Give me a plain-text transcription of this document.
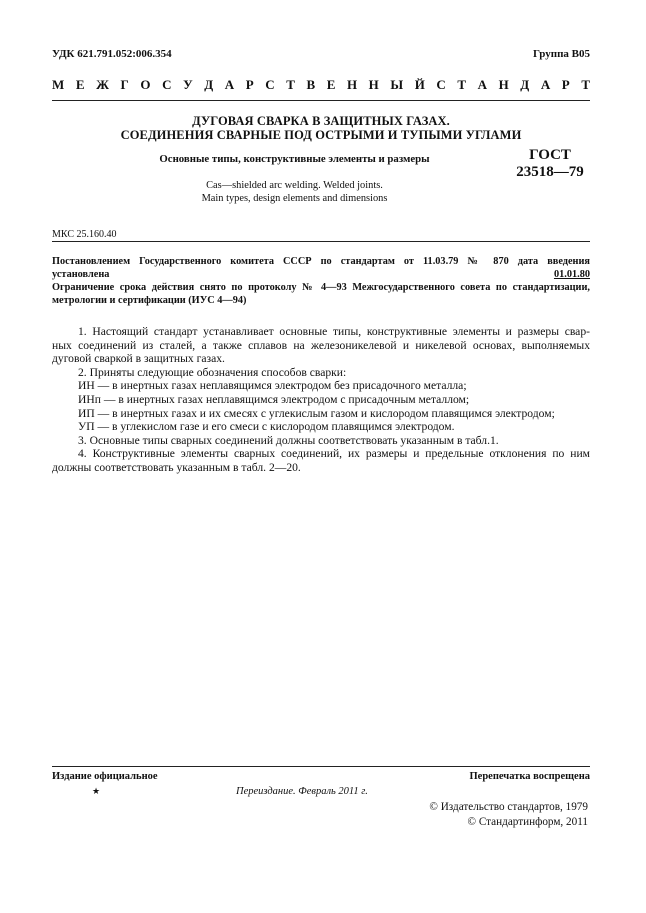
УДК 621.791.052:006.354	Группа В05
М Е Ж Г О С У Д А Р С Т В Е Н Н Ы Й С Т А Н Д А Р Т
ДУГОВАЯ СВАРКА В ЗАЩИТНЫХ ГАЗАХ.
СОЕДИНЕНИЯ СВАРНЫЕ ПОД ОСТРЫМИ И ТУПЫМИ УГЛАМИ
Основные типы, конструктивные элементы и размеры	ГОСТ
23518—79
Cas—shielded arc welding. Welded joints.
Main types, design elements and dimensions
МКС 25.160.40
Постановлением Государственного комитета СССР по стандартам от 11.03.79 № 870 дата введения
установлена	01.01.80
Ограничение срока действия снято по протоколу № 4—93 Межгосударственного совета по стандартизации,
метрологии и сертификации (ИУС 4—94)

1. Настоящий стандарт устанавливает основные типы, конструктивные элементы и размеры свар-

ных соединений из сталей, а также сплавов на железоникелевой и никелевой основах, выполняемых

дуговой сваркой в защитных газах.

2. Приняты следующие обозначения способов сварки:

ИН — в инертных газах неплавящимся электродом без присадочного металла;

ИНп — в инертных газах неплавящимся электродом с присадочным металлом;

ИП — в инертных газах и их смесях с углекислым газом и кислородом плавящимся электродом;

УП — в углекислом газе и его смеси с кислородом плавящимся электродом.

3. Основные типы сварных соединений должны соответствовать указанным в табл.1.

4. Конструктивные элементы сварных соединений, их размеры и предельные отклонения по ним

должны соответствовать указанным в табл. 2—20.

Издание официальное	Перепечатка воспрещена
★	Переиздание. Февраль 2011 г.
© Издательство стандартов, 1979
© Стандартинформ, 2011
